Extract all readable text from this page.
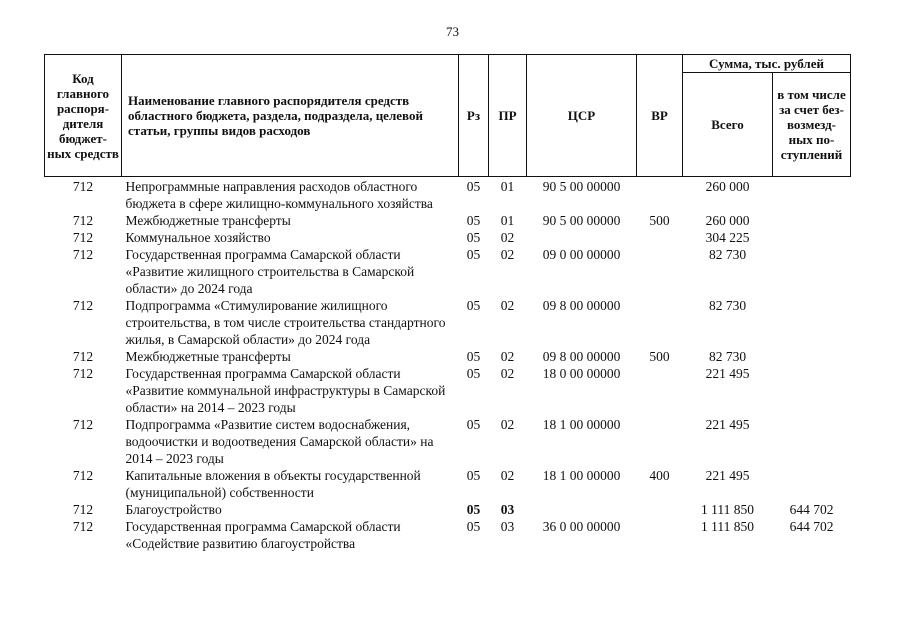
73
Код главного распоря-дителя бюджет-ных средств	Наименование главного распорядителя средств областного бюджета, раздела, подраздела, целевой статьи, группы видов расходов	Рз	ПР	ЦСР	ВР	Сумма, тыс. рублей	
						Всего	в том числе за счет без-возмезд-ных по-ступлений
712	Непрограммные направления расходов областного бюджета в сфере жилищно-коммунального хозяйства	05	01	90 5 00 00000		260 000	
712	Межбюджетные трансферты	05	01	90 5 00 00000	500	260 000	
712	Коммунальное хозяйство	05	02			304 225	
712	Государственная программа Самарской области «Развитие жилищного строительства в Самарской области» до 2024 года	05	02	09 0 00 00000		82 730	
712	Подпрограмма «Стимулирование жилищного строительства, в том числе строительства стандартного жилья, в Самарской области» до 2024 года	05	02	09 8 00 00000		82 730	
712	Межбюджетные трансферты	05	02	09 8 00 00000	500	82 730	
712	Государственная программа Самарской области «Развитие коммунальной инфраструктуры в Самарской области» на 2014 – 2023 годы	05	02	18 0 00 00000		221 495	
712	Подпрограмма «Развитие систем водоснабжения, водоочистки и водоотведения Самарской области» на 2014 – 2023 годы	05	02	18 1 00 00000		221 495	
712	Капитальные вложения в объекты государственной (муниципальной) собственности	05	02	18 1 00 00000	400	221 495	
712	Благоустройство	05	03			1 111 850	644 702
712	Государственная программа Самарской области «Содействие развитию благоустройства	05	03	36 0 00 00000		1 111 850	644 702
